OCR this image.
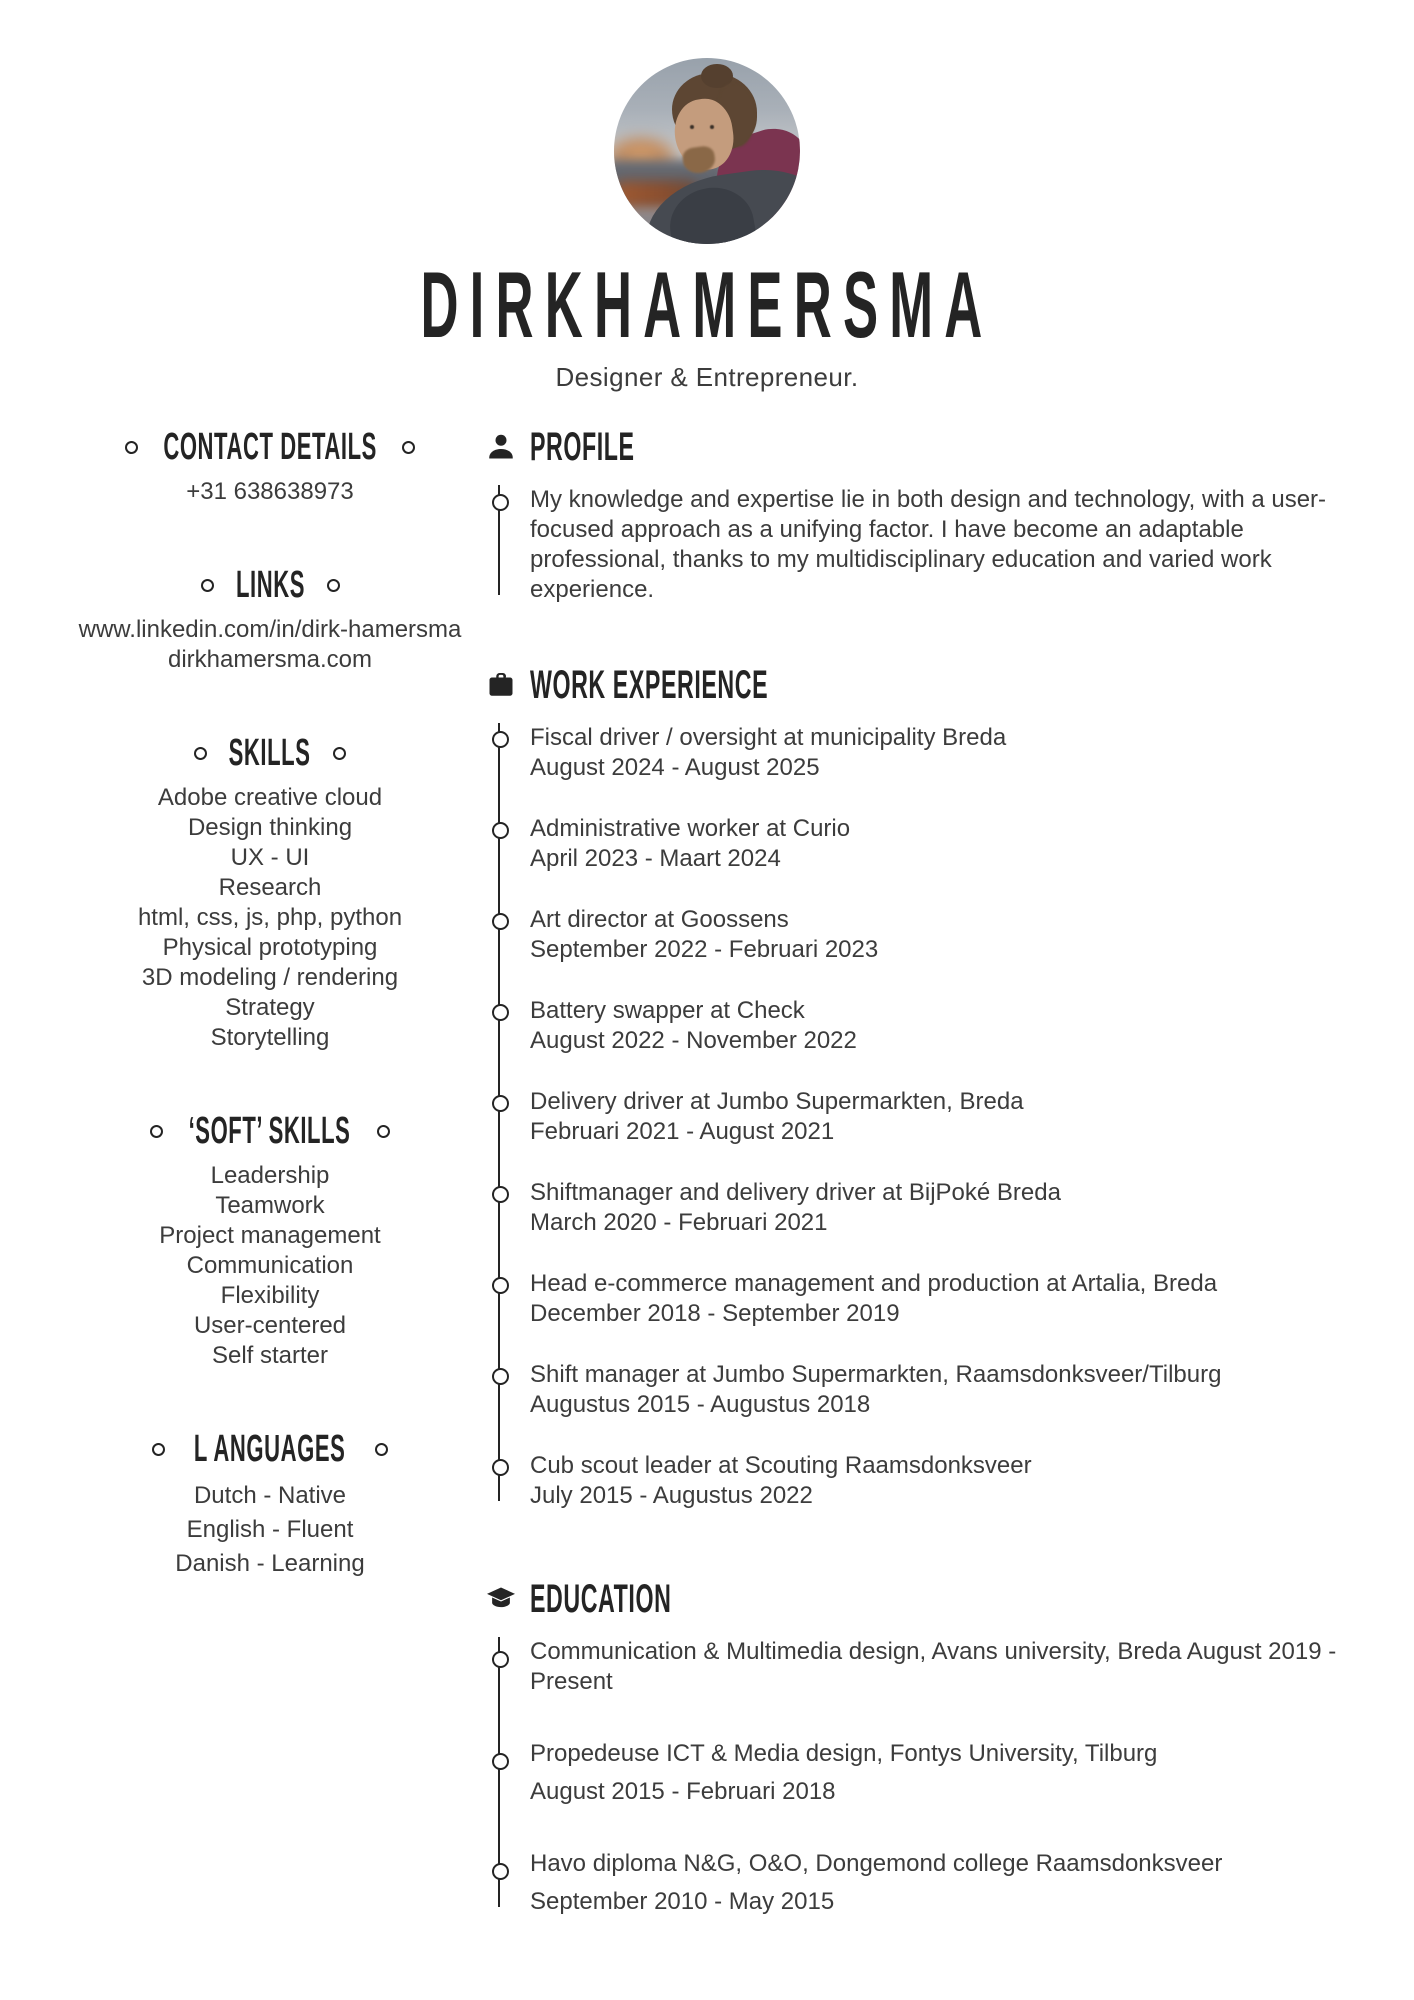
DIRKHAMERSMA
Designer & Entrepreneur.
CONTACT DETAILS
+31 638638973
LINKS
www.linkedin.com/in/dirk-hamersma
dirkhamersma.com
SKILLS
Adobe creative cloud
Design thinking
UX - UI
Research
html, css, js, php, python
Physical prototyping
3D modeling / rendering
Strategy
Storytelling
‘SOFT’ SKILLS
Leadership
Teamwork
Project management
Communication
Flexibility
User-centered
Self starter
L ANGUAGES
Dutch - Native
English - Fluent
Danish - Learning
PROFILE

My knowledge and expertise lie in both design and technology, with a user-focused approach as a unifying factor. I have become an adaptable professional, thanks to my multidisciplinary education and varied work experience.

WORK EXPERIENCE

Fiscal driver / oversight at municipality Breda

August 2024 - August 2025

Administrative worker at Curio

April 2023 - Maart 2024

Art director at Goossens

September 2022 - Februari 2023

Battery swapper at Check

August 2022 - November 2022

Delivery driver at Jumbo Supermarkten, Breda

Februari 2021 - August 2021

Shiftmanager and delivery driver at BijPoké Breda

March 2020 - Februari 2021

Head e-commerce management and production at Artalia, Breda

December 2018 - September 2019

Shift manager at Jumbo Supermarkten, Raamsdonksveer/Tilburg

Augustus 2015 - Augustus 2018

Cub scout leader at Scouting Raamsdonksveer

July 2015 - Augustus 2022

EDUCATION

Communication & Multimedia design, Avans university, Breda August 2019 - Present

Propedeuse ICT & Media design, Fontys University, Tilburg

August 2015 - Februari 2018

Havo diploma N&G, O&O, Dongemond college Raamsdonksveer

September 2010 - May 2015
